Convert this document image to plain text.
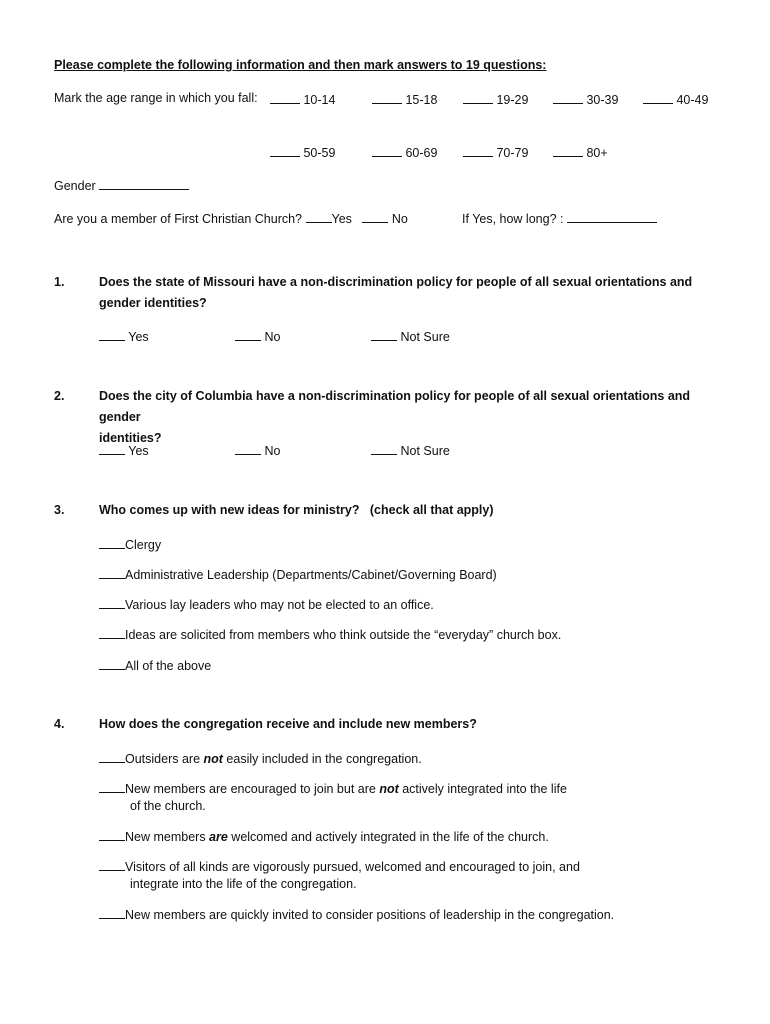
Please complete the following information and then mark answers to 19 questions:
Mark the age range in which you fall:	10-14	15-18	19-29	30-39	40-49
50-59	60-69	70-79	80+
Gender
Are you a member of First Christian Church? Yes	No	If Yes, how long? :
1.	Does the state of Missouri have a non-discrimination policy for people of all sexual orientations and
gender identities?
Yes	No	Not Sure
2.	Does the city of Columbia have a non-discrimination policy for people of all sexual orientations and gender
identities?
Yes	No	Not Sure
3.	Who comes up with new ideas for ministry?   (check all that apply)
Clergy
Administrative Leadership (Departments/Cabinet/Governing Board)
Various lay leaders who may not be elected to an office.
Ideas are solicited from members who think outside the “everyday” church box.
All of the above
4.	How does the congregation receive and include new members?
Outsiders are not easily included in the congregation.
New members are encouraged to join but are not actively integrated into the life
of the church.
New members are welcomed and actively integrated in the life of the church.
Visitors of all kinds are vigorously pursued, welcomed and encouraged to join, and
integrate into the life of the congregation.
New members are quickly invited to consider positions of leadership in the congregation.
